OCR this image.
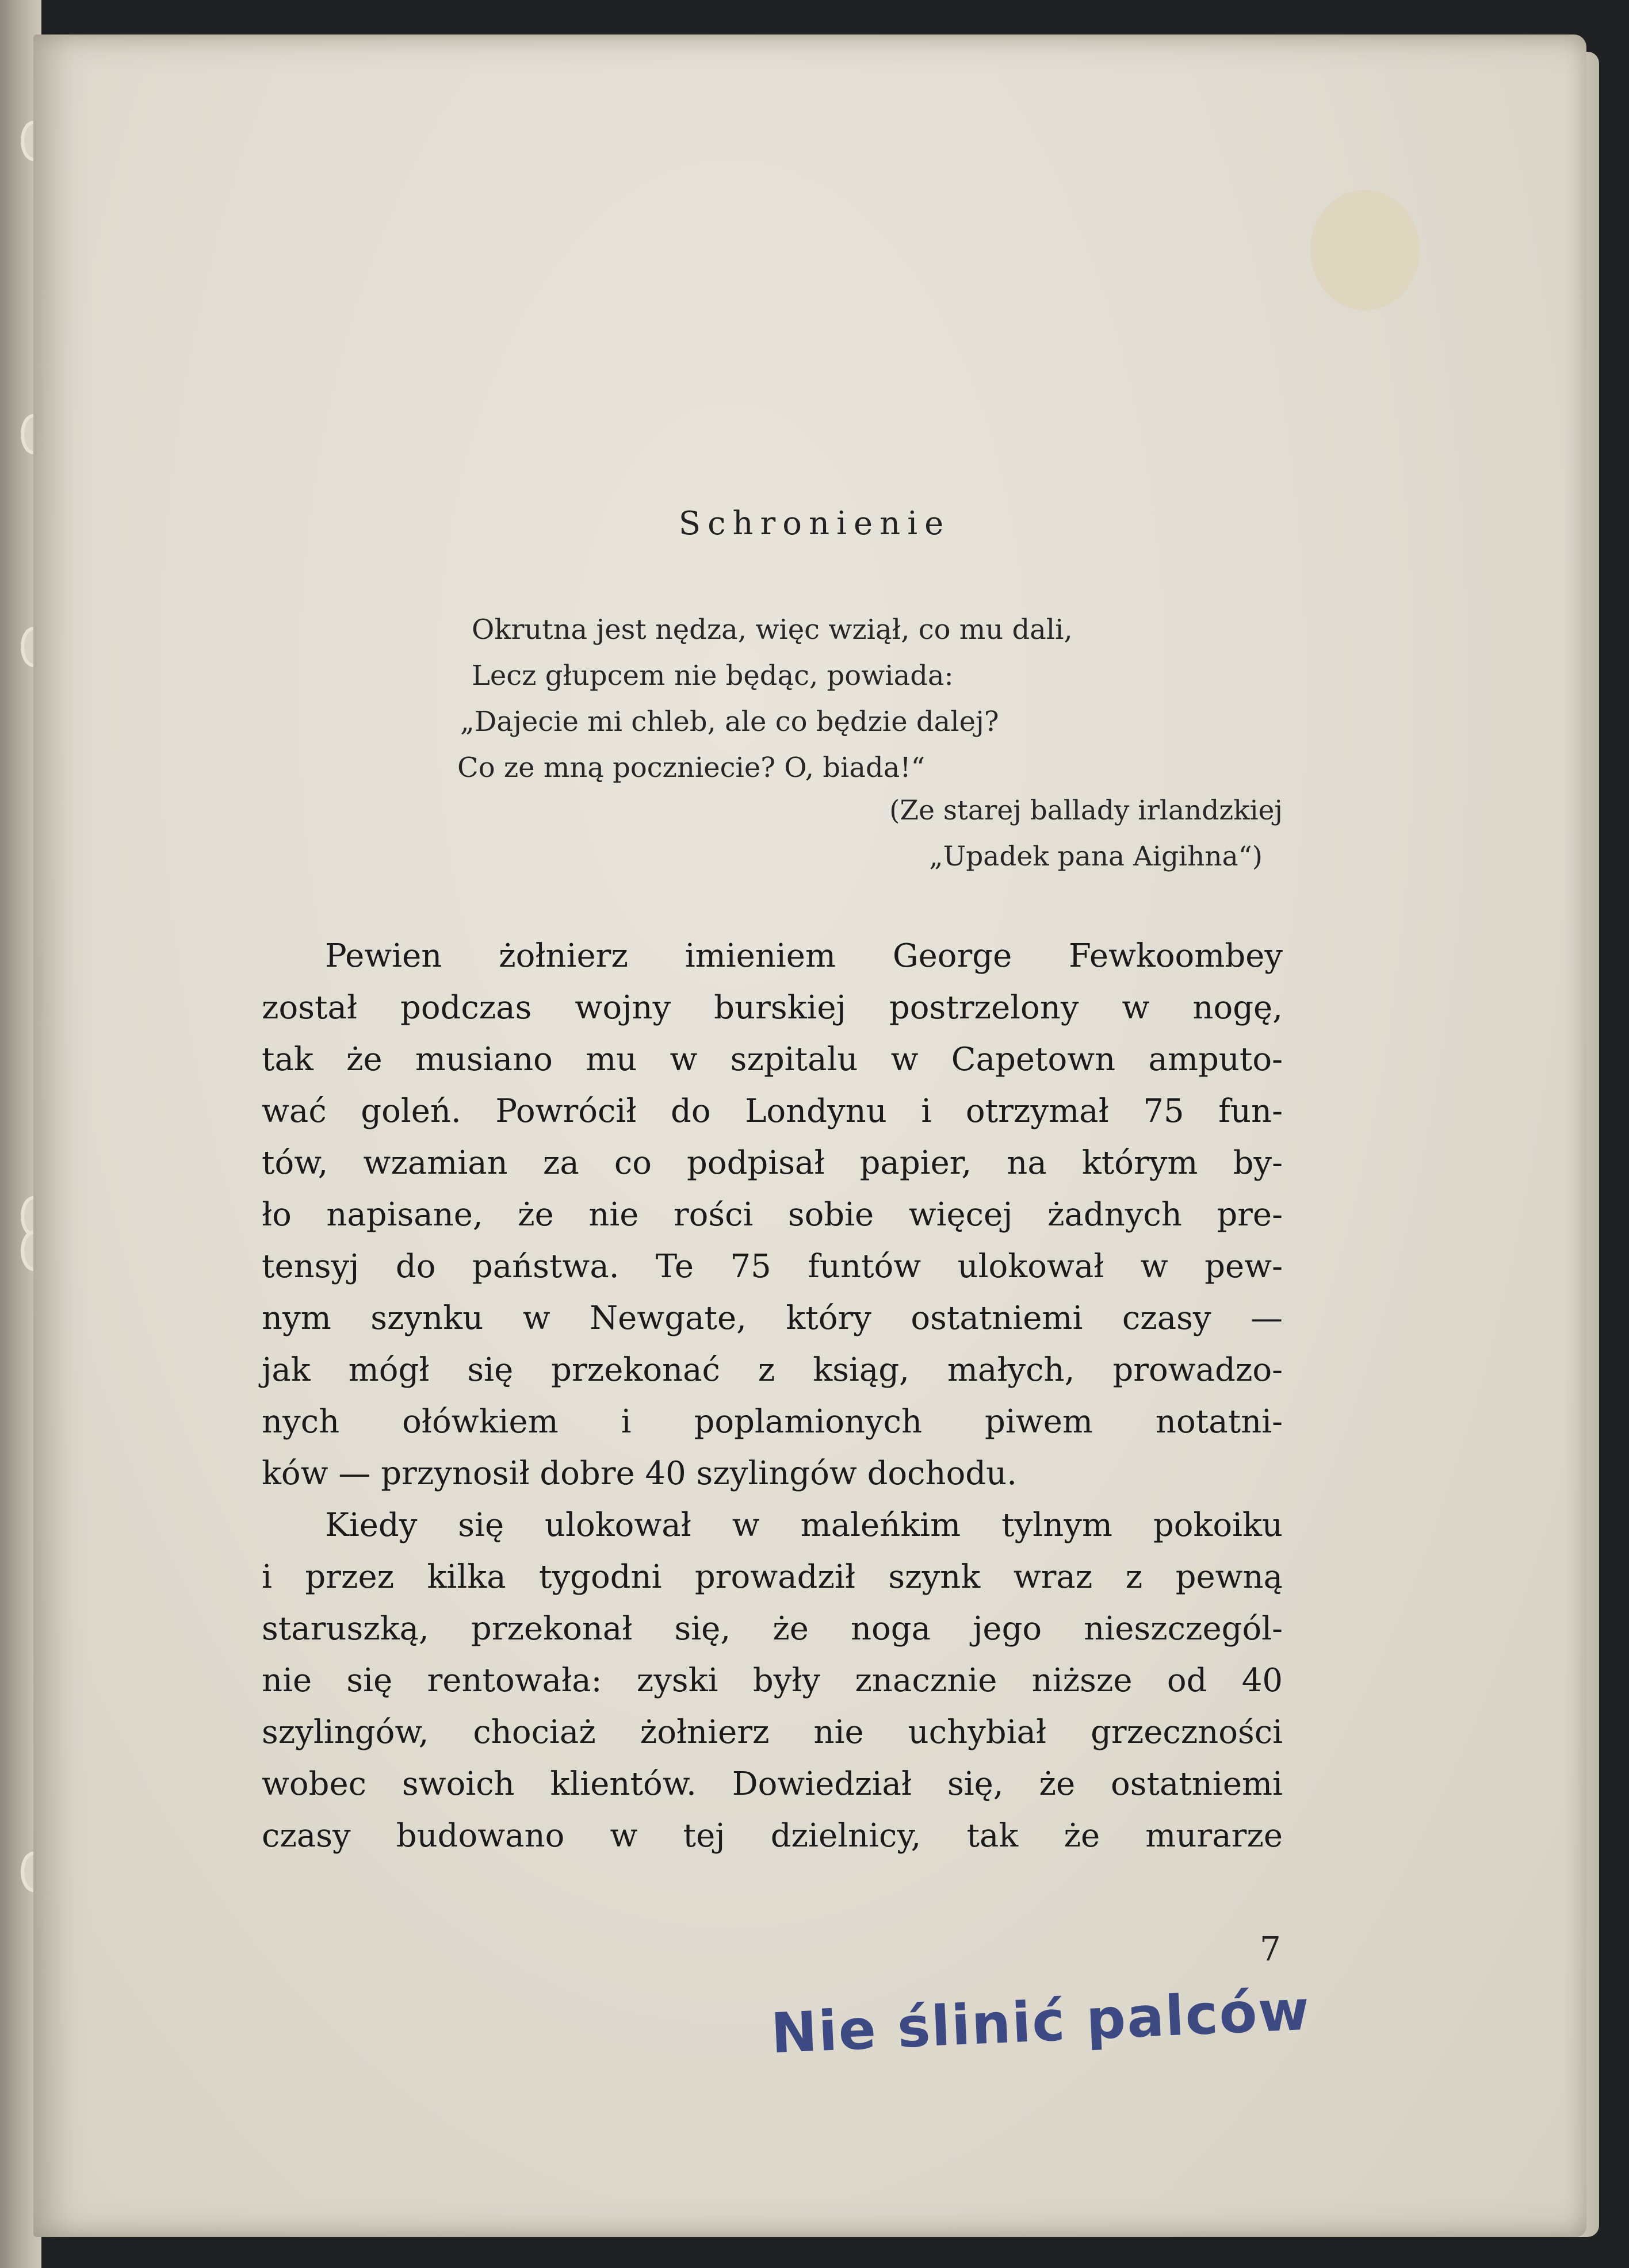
Schronienie
Okrutna jest nędza, więc wziął, co mu dali,
Lecz głupcem nie będąc, powiada:
„Dajecie mi chleb, ale co będzie dalej?
Co ze mną poczniecie? O, biada!“
(Ze starej ballady irlandzkiej
„Upadek pana Aigihna“)
Pewien żołnierz imieniem George Fewkoombey
został podczas wojny burskiej postrzelony w nogę,
tak że musiano mu w szpitalu w Capetown amputo-
wać goleń. Powrócił do Londynu i otrzymał 75 fun-
tów, wzamian za co podpisał papier, na którym by-
ło napisane, że nie rości sobie więcej żadnych pre-
tensyj do państwa. Te 75 funtów ulokował w pew-
nym szynku w Newgate, który ostatniemi czasy —
jak mógł się przekonać z ksiąg, małych, prowadzo-
nych ołówkiem i poplamionych piwem notatni-
ków — przynosił dobre 40 szylingów dochodu.
Kiedy się ulokował w maleńkim tylnym pokoiku
i przez kilka tygodni prowadził szynk wraz z pewną
staruszką, przekonał się, że noga jego nieszczegól-
nie się rentowała: zyski były znacznie niższe od 40
szylingów, chociaż żołnierz nie uchybiał grzeczności
wobec swoich klientów. Dowiedział się, że ostatniemi
czasy budowano w tej dzielnicy, tak że murarze
7
Nie ślinić palców
